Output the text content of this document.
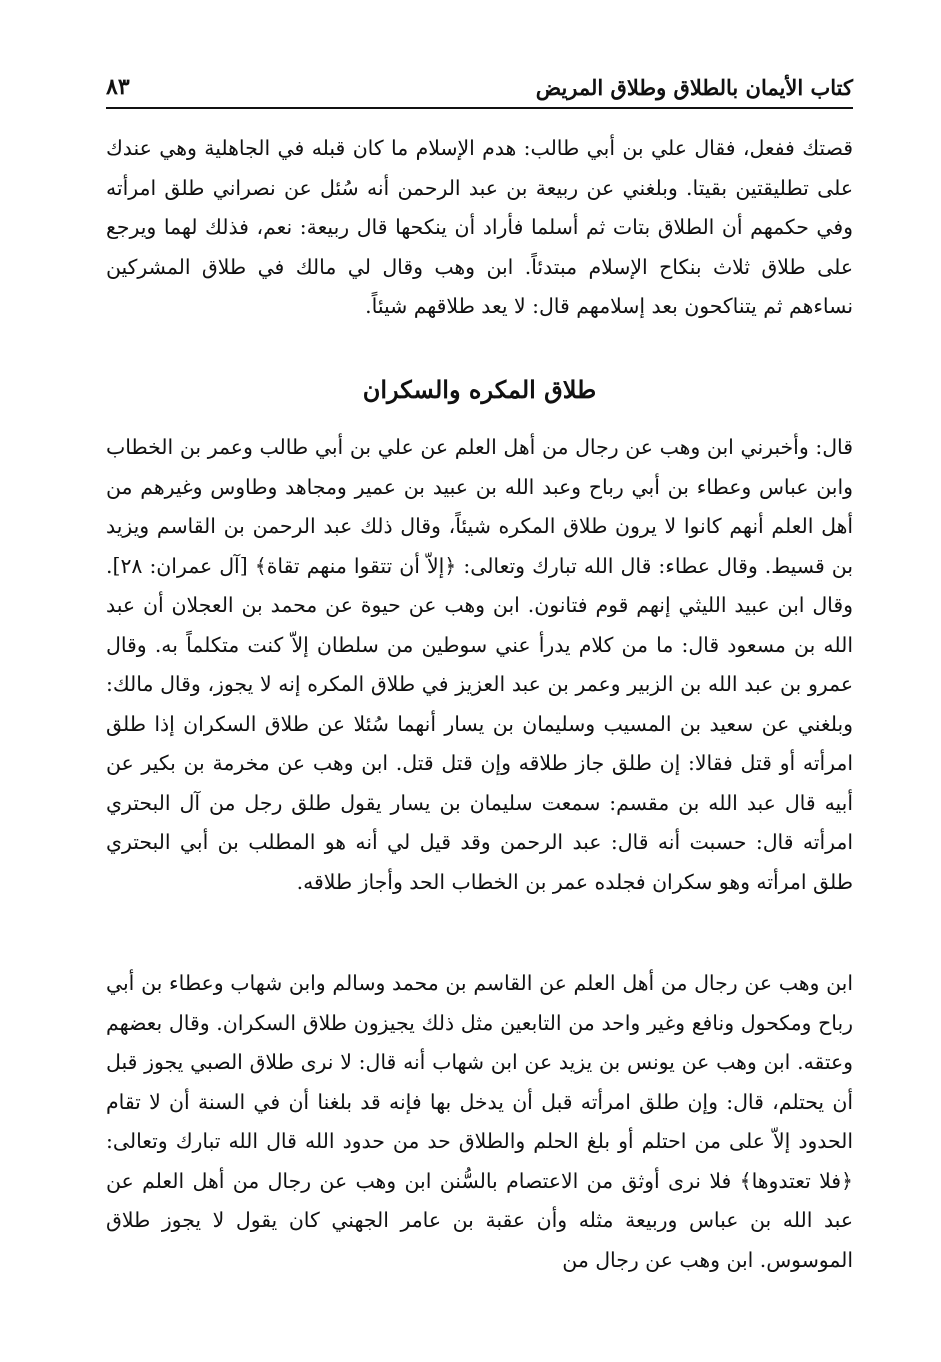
كتاب الأيمان بالطلاق وطلاق المريض
٨٣

قصتك ففعل، فقال علي بن أبي طالب: هدم الإسلام ما كان قبله في الجاهلية وهي عندك على تطليقتين بقيتا. وبلغني عن ربيعة بن عبد الرحمن أنه سُئل عن نصراني طلق امرأته وفي حكمهم أن الطلاق بتات ثم أسلما فأراد أن ينكحها قال ربيعة: نعم، فذلك لهما ويرجع على طلاق ثلاث بنكاح الإسلام مبتدئاً. ابن وهب وقال لي مالك في طلاق المشركين نساءهم ثم يتناكحون بعد إسلامهم قال: لا يعد طلاقهم شيئاً.

طلاق المكره والسكران

قال: وأخبرني ابن وهب عن رجال من أهل العلم عن علي بن أبي طالب وعمر بن الخطاب وابن عباس وعطاء بن أبي رباح وعبد الله بن عبيد بن عمير ومجاهد وطاوس وغيرهم من أهل العلم أنهم كانوا لا يرون طلاق المكره شيئاً، وقال ذلك عبد الرحمن بن القاسم ويزيد بن قسيط. وقال عطاء: قال الله تبارك وتعالى: ﴿إلاّ أن تتقوا منهم تقاة﴾ [آل عمران: ٢٨]. وقال ابن عبيد الليثي إنهم قوم فتانون. ابن وهب عن حيوة عن محمد بن العجلان أن عبد الله بن مسعود قال: ما من كلام يدرأ عني سوطين من سلطان إلاّ كنت متكلماً به. وقال عمرو بن عبد الله بن الزبير وعمر بن عبد العزيز في طلاق المكره إنه لا يجوز، وقال مالك: وبلغني عن سعيد بن المسيب وسليمان بن يسار أنهما سُئلا عن طلاق السكران إذا طلق امرأته أو قتل فقالا: إن طلق جاز طلاقه وإن قتل قتل. ابن وهب عن مخرمة بن بكير عن أبيه قال عبد الله بن مقسم: سمعت سليمان بن يسار يقول طلق رجل من آل البحتري امرأته قال: حسبت أنه قال: عبد الرحمن وقد قيل لي أنه هو المطلب بن أبي البحتري طلق امرأته وهو سكران فجلده عمر بن الخطاب الحد وأجاز طلاقه.

ابن وهب عن رجال من أهل العلم عن القاسم بن محمد وسالم وابن شهاب وعطاء بن أبي رباح ومكحول ونافع وغير واحد من التابعين مثل ذلك يجيزون طلاق السكران. وقال بعضهم وعتقه. ابن وهب عن يونس بن يزيد عن ابن شهاب أنه قال: لا نرى طلاق الصبي يجوز قبل أن يحتلم، قال: وإن طلق امرأته قبل أن يدخل بها فإنه قد بلغنا أن في السنة أن لا تقام الحدود إلاّ على من احتلم أو بلغ الحلم والطلاق حد من حدود الله قال الله تبارك وتعالى: ﴿فلا تعتدوها﴾ فلا نرى أوثق من الاعتصام بالسُّنن ابن وهب عن رجال من أهل العلم عن عبد الله بن عباس وربيعة مثله وأن عقبة بن عامر الجهني كان يقول لا يجوز طلاق الموسوس. ابن وهب عن رجال من
